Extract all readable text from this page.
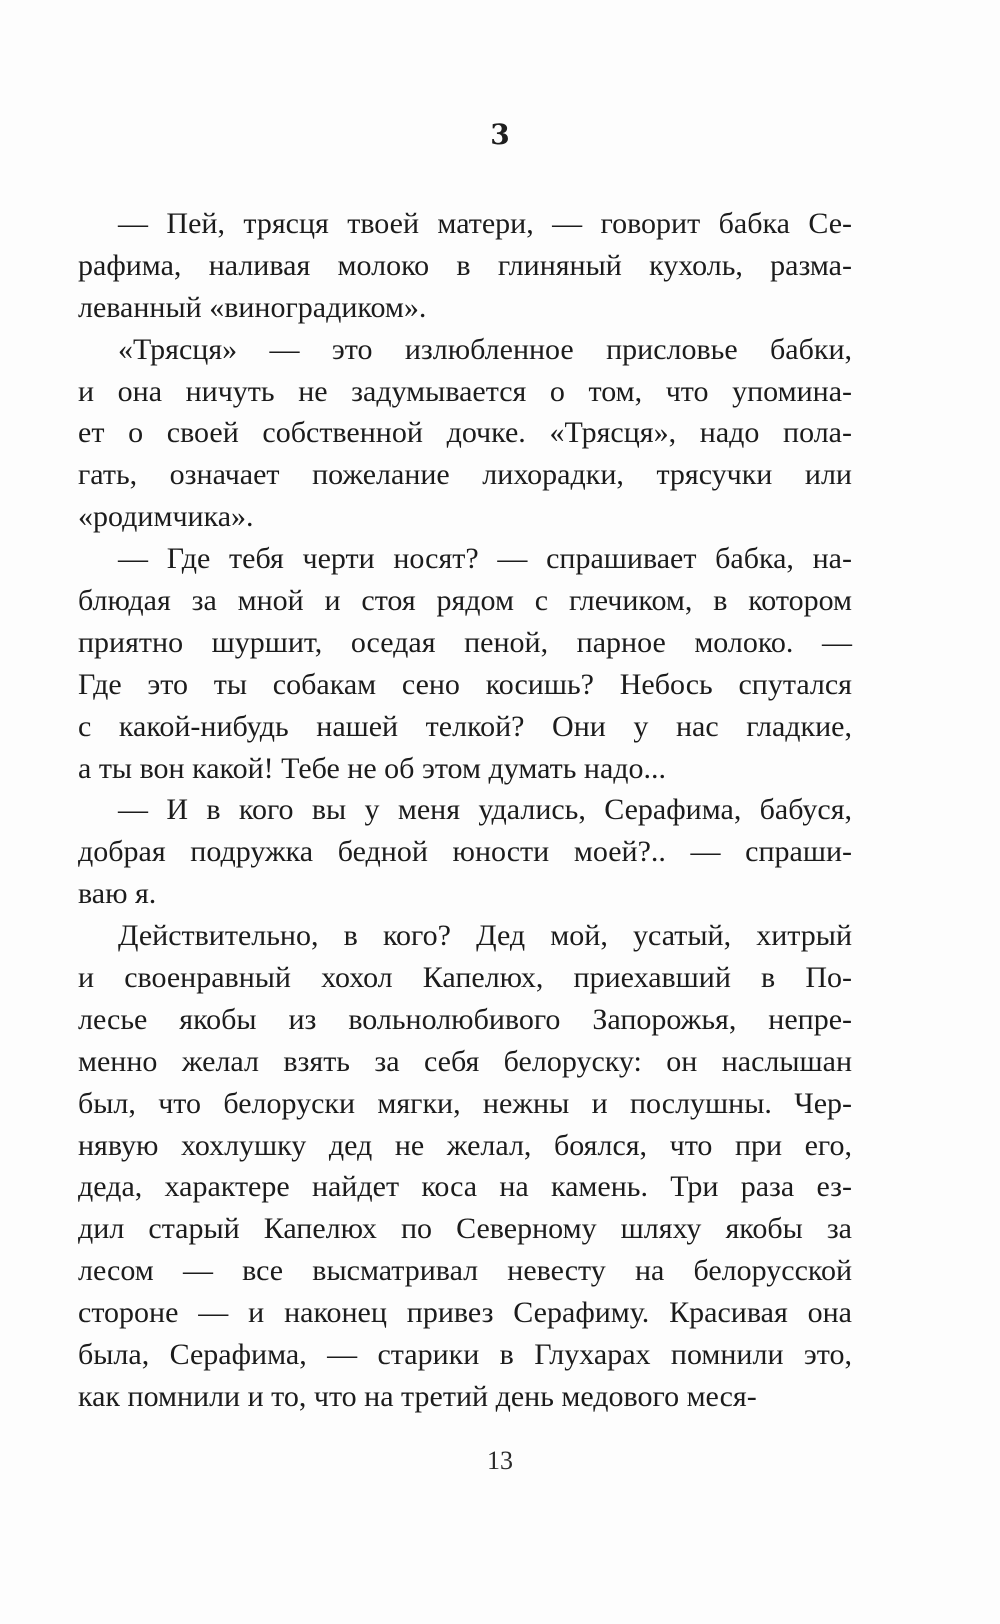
3
— Пей, трясця твоей матери, — говорит бабка Се-
рафима, наливая молоко в глиняный кухоль, разма-
леванный «виноградиком».
«Трясця» — это излюбленное присловье бабки,
и она ничуть не задумывается о том, что упомина-
ет о своей собственной дочке. «Трясця», надо пола-
гать, означает пожелание лихорадки, трясучки или
«родимчика».
— Где тебя черти носят? — спрашивает бабка, на-
блюдая за мной и стоя рядом с глечиком, в котором
приятно шуршит, оседая пеной, парное молоко. —
Где это ты собакам сено косишь? Небось спутался
с какой-нибудь нашей телкой? Они у нас гладкие,
а ты вон какой! Тебе не об этом думать надо...
— И в кого вы у меня удались, Серафима, бабуся,
добрая подружка бедной юности моей?.. — спраши-
ваю я.
Действительно, в кого? Дед мой, усатый, хитрый
и своенравный хохол Капелюх, приехавший в По-
лесье якобы из вольнолюбивого Запорожья, непре-
менно желал взять за себя белоруску: он наслышан
был, что белоруски мягки, нежны и послушны. Чер-
нявую хохлушку дед не желал, боялся, что при его,
деда, характере найдет коса на камень. Три раза ез-
дил старый Капелюх по Северному шляху якобы за
лесом — все высматривал невесту на белорусской
стороне — и наконец привез Серафиму. Красивая она
была, Серафима, — старики в Глухарах помнили это,
как помнили и то, что на третий день медового меся-
13
